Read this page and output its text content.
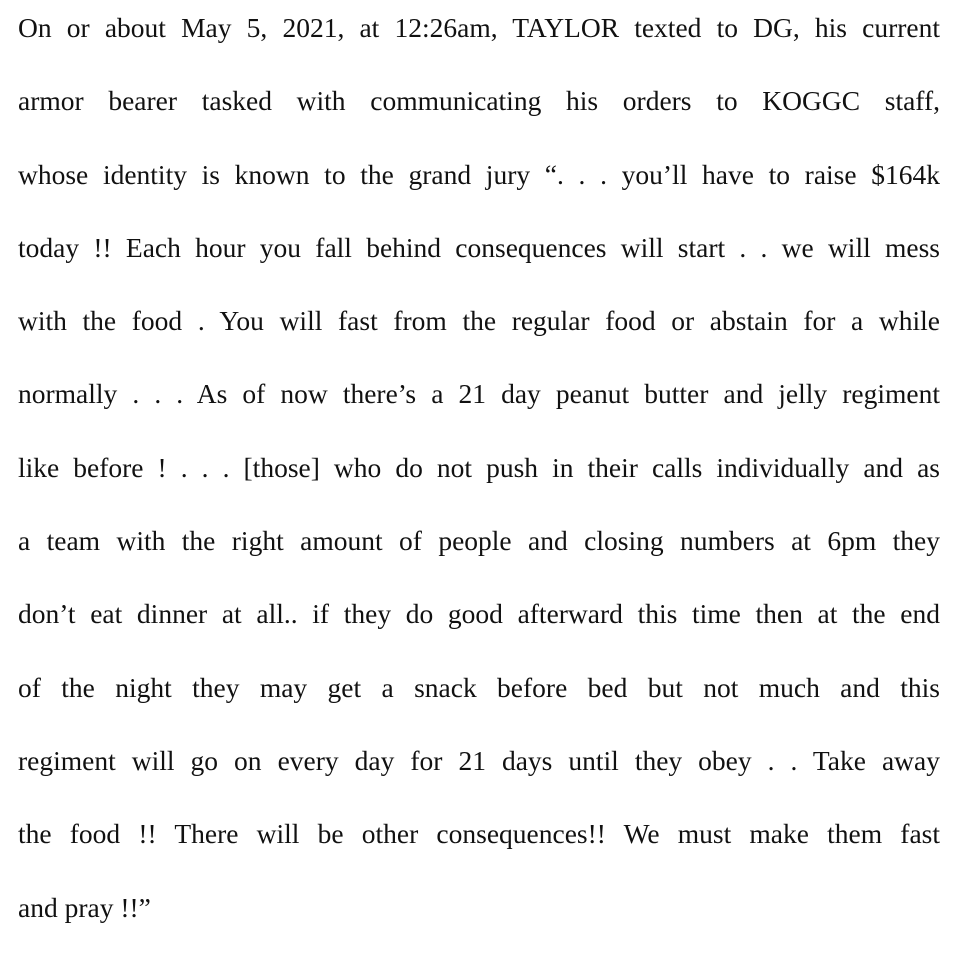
On or about May 5, 2021, at 12:26am, TAYLOR texted to DG, his current
armor bearer tasked with communicating his orders to KOGGC staff,
whose identity is known to the grand jury “. . . you’ll have to raise $164k
today !! Each hour you fall behind consequences will start . . we will mess
with the food . You will fast from the regular food or abstain for a while
normally . . . As of now there’s a 21 day peanut butter and jelly regiment
like before ! . . . [those] who do not push in their calls individually and as
a team with the right amount of people and closing numbers at 6pm they
don’t eat dinner at all.. if they do good afterward this time then at the end
of the night they may get a snack before bed but not much and this
regiment will go on every day for 21 days until they obey . . Take away
the food !! There will be other consequences!! We must make them fast
and pray !!”
